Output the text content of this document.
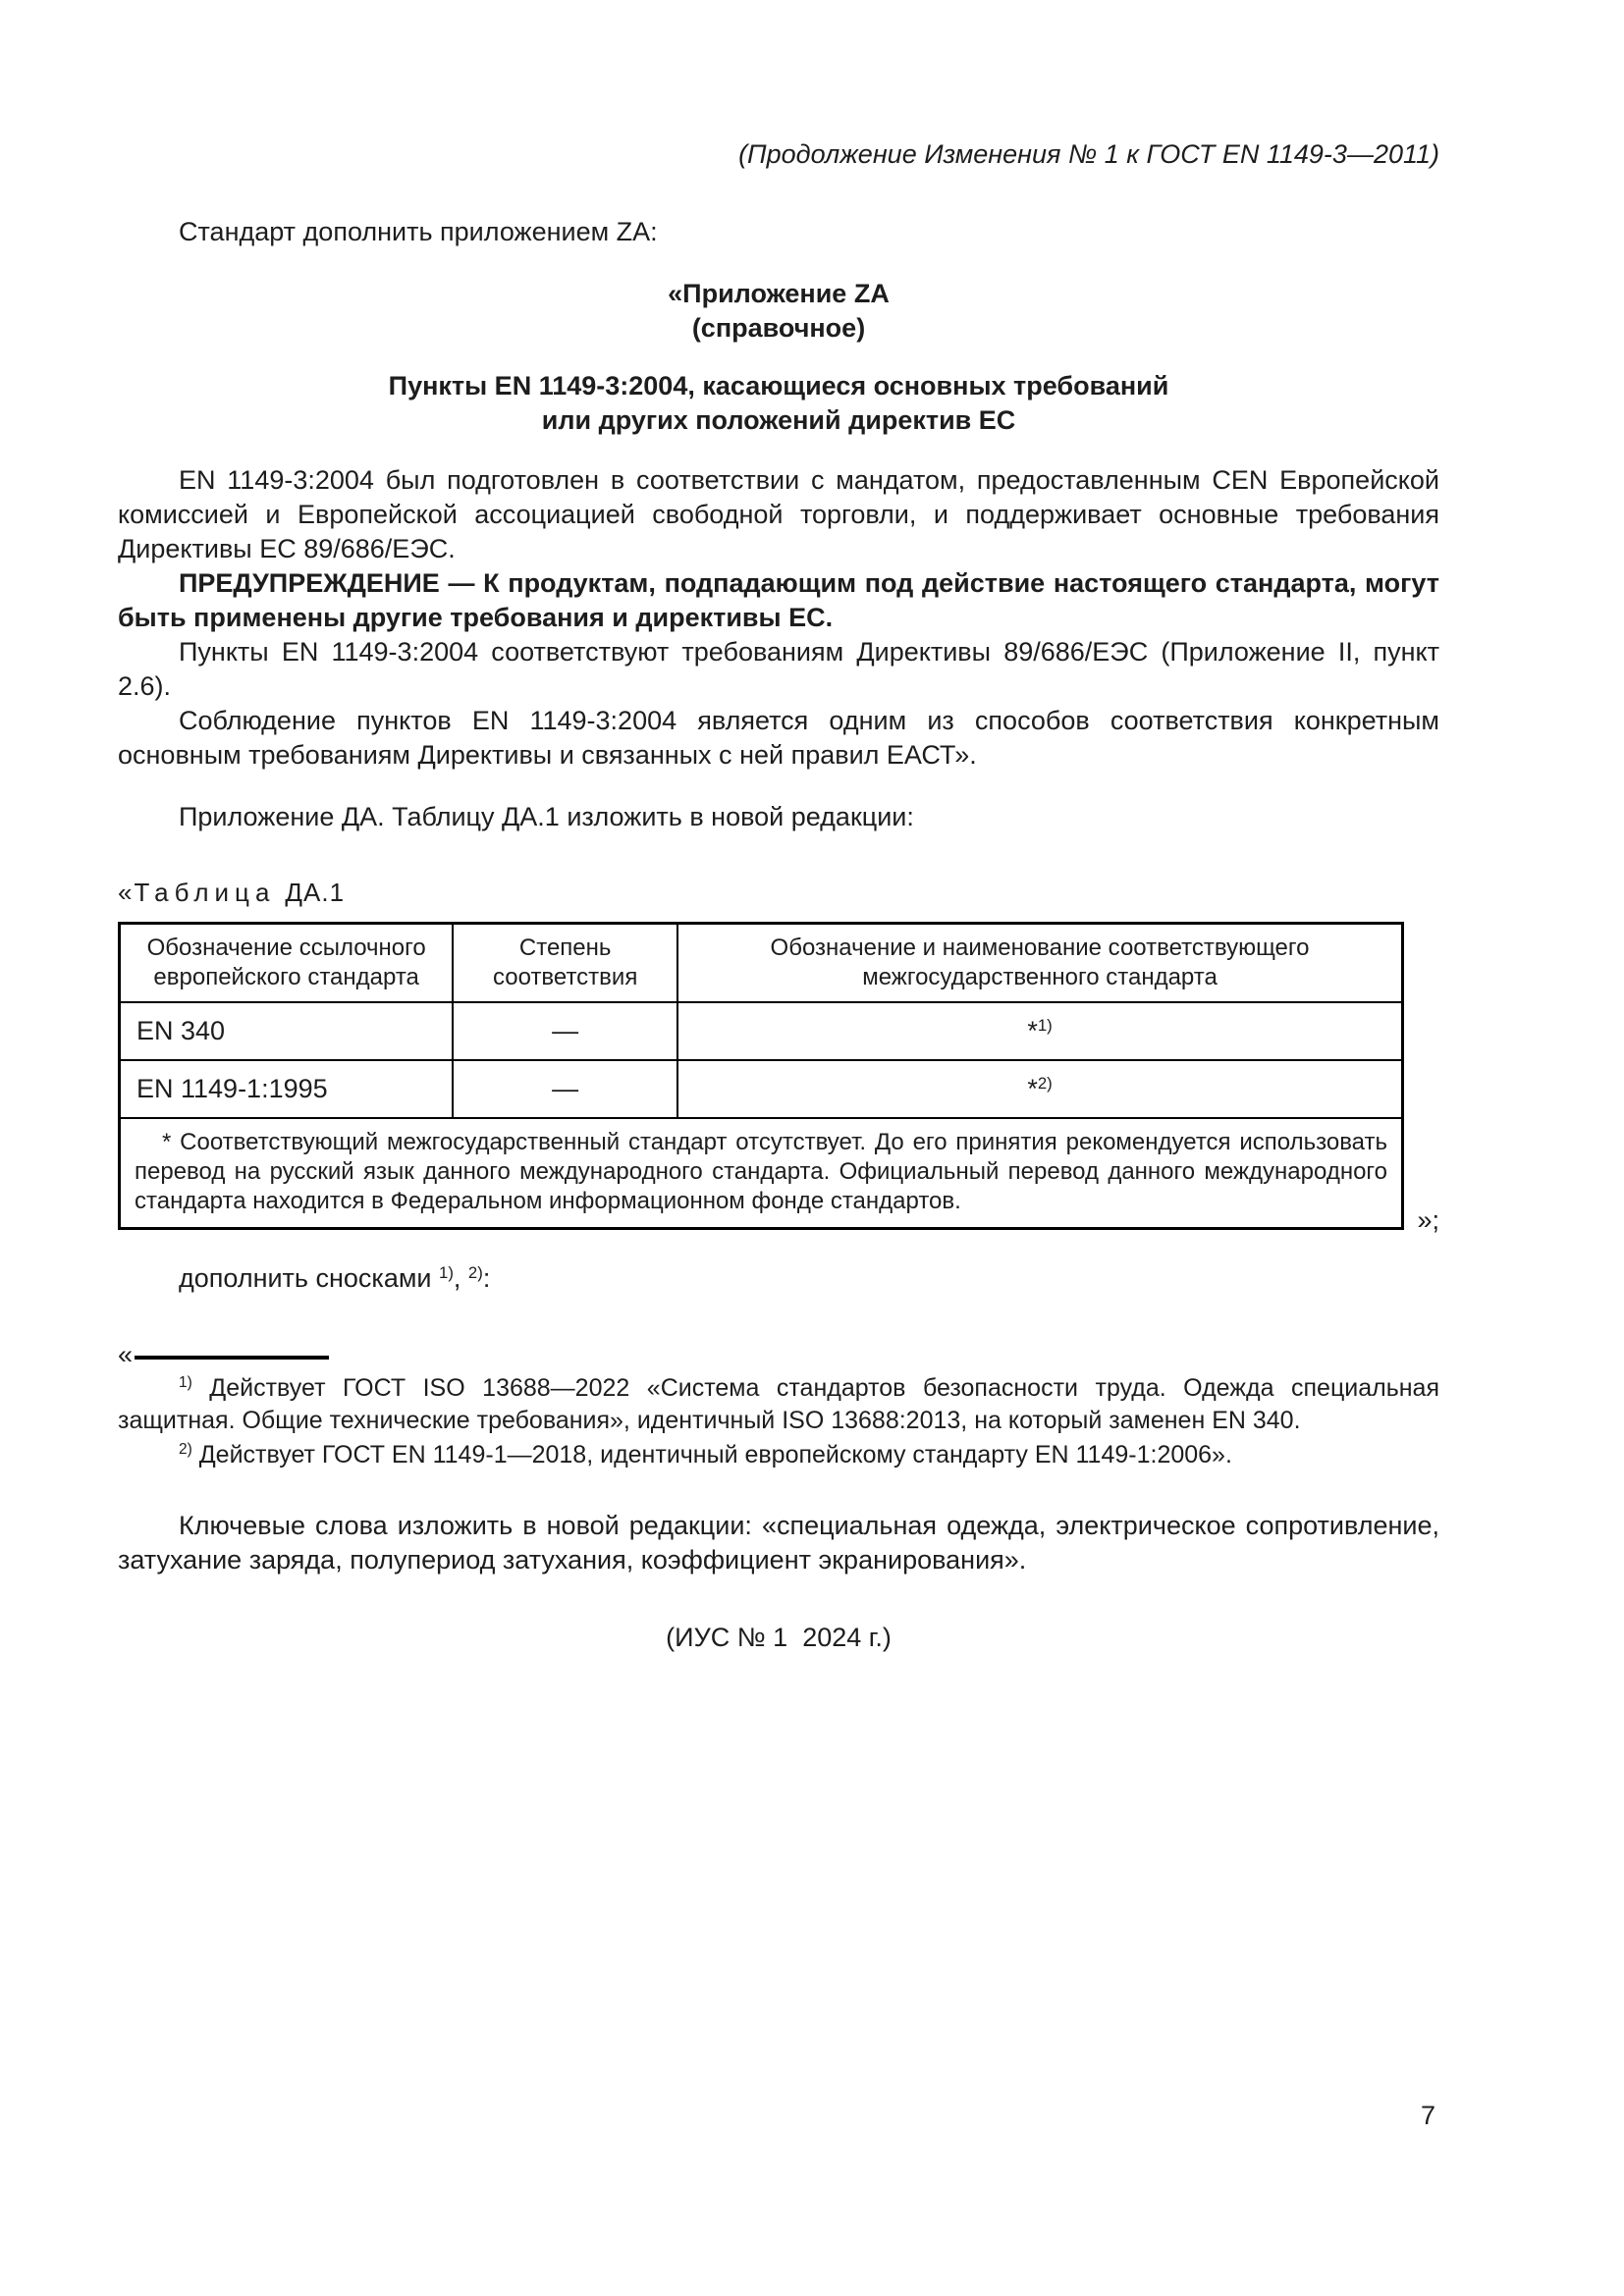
(Продолжение Изменения № 1 к ГОСТ EN 1149-3—2011)

Стандарт дополнить приложением ZA:

«Приложение ZA
(справочное)
Пункты EN 1149-3:2004, касающиеся основных требований
или других положений директив ЕС

EN 1149-3:2004 был подготовлен в соответствии с мандатом, предоставленным CEN Европейской комиссией и Европейской ассоциацией свободной торговли, и поддерживает основные требования Директивы ЕС 89/686/ЕЭС.

ПРЕДУПРЕЖДЕНИЕ — К продуктам, подпадающим под действие настоящего стандарта, могут быть применены другие требования и директивы ЕС.

Пункты EN 1149-3:2004 соответствуют требованиям Директивы 89/686/ЕЭС (Приложение II, пункт 2.6).

Соблюдение пунктов EN 1149-3:2004 является одним из способов соответствия конкретным основным требованиям Директивы и связанных с ней правил ЕАСТ».

Приложение ДА. Таблицу ДА.1 изложить в новой редакции:

«Таблица ДА.1
Обозначение ссылочного европейского стандарта	Степень соответствия	Обозначение и наименование соответствующего межгосударственного стандарта
EN 340	—	*$^{1)}$
EN 1149-1:1995	—	*$^{2)}$
* Соответствующий межгосударственный стандарт отсутствует. До его принятия рекомендуется использовать перевод на русский язык данного международного стандарта. Официальный перевод данного международного стандарта находится в Федеральном информационном фонде стандартов.		
»;

дополнить сносками $^{1)}$, $^{2)}$:

«

$^{1)}$ Действует ГОСТ ISO 13688—2022 «Система стандартов безопасности труда. Одежда специальная защитная. Общие технические требования», идентичный ISO 13688:2013, на который заменен EN 340.

$^{2)}$ Действует ГОСТ EN 1149-1—2018, идентичный европейскому стандарту EN 1149-1:2006».

Ключевые слова изложить в новой редакции: «специальная одежда, электрическое сопротивление, затухание заряда, полупериод затухания, коэффициент экранирования».

(ИУС № 1  2024 г.)
7
